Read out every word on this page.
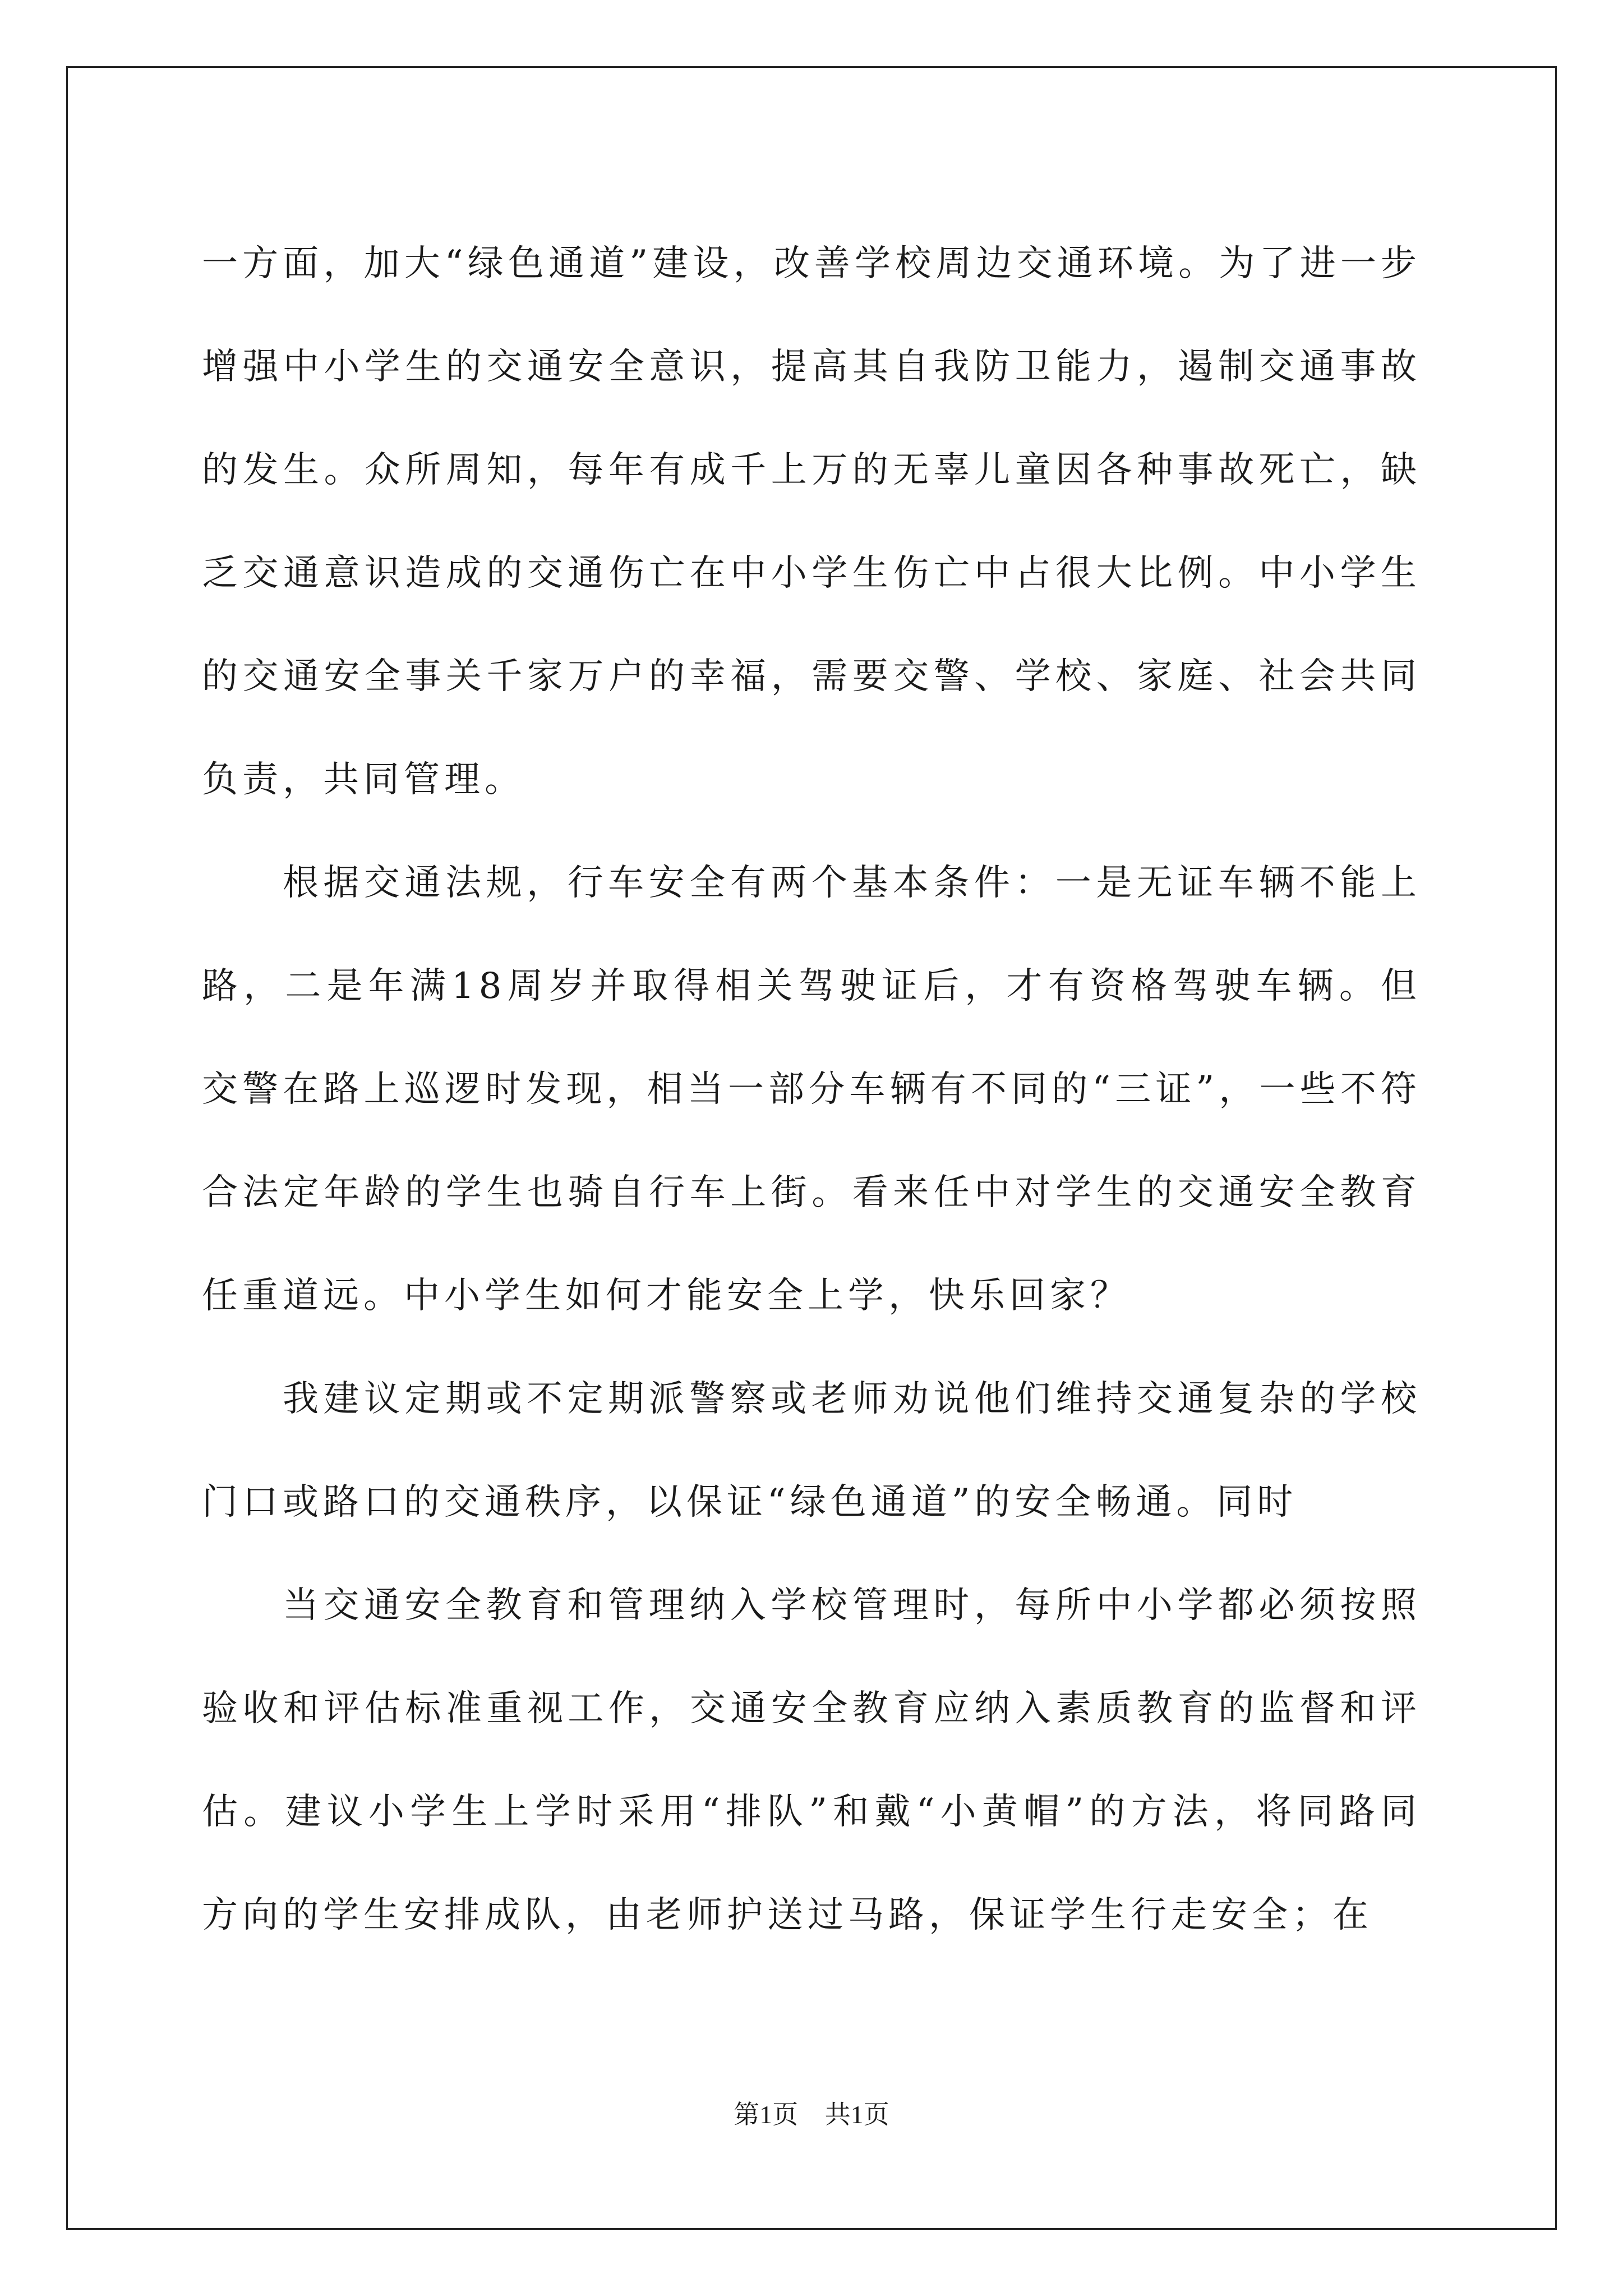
一方面，加大“绿色通道”建设，改善学校周边交通环境。为了进一步增强中小学生的交通安全意识，提高其自我防卫能力，遏制交通事故的发生。众所周知，每年有成千上万的无辜儿童因各种事故死亡，缺乏交通意识造成的交通伤亡在中小学生伤亡中占很大比例。中小学生的交通安全事关千家万户的幸福，需要交警、学校、家庭、社会共同负责，共同管理。

根据交通法规，行车安全有两个基本条件：一是无证车辆不能上路，二是年满18周岁并取得相关驾驶证后，才有资格驾驶车辆。但交警在路上巡逻时发现，相当一部分车辆有不同的“三证”，一些不符合法定年龄的学生也骑自行车上街。看来任中对学生的交通安全教育任重道远。中小学生如何才能安全上学，快乐回家？

我建议定期或不定期派警察或老师劝说他们维持交通复杂的学校门口或路口的交通秩序，以保证“绿色通道”的安全畅通。同时

当交通安全教育和管理纳入学校管理时，每所中小学都必须按照验收和评估标准重视工作，交通安全教育应纳入素质教育的监督和评估。建议小学生上学时采用“排队”和戴“小黄帽”的方法，将同路同方向的学生安排成队，由老师护送过马路，保证学生行走安全；在

第1页 共1页
